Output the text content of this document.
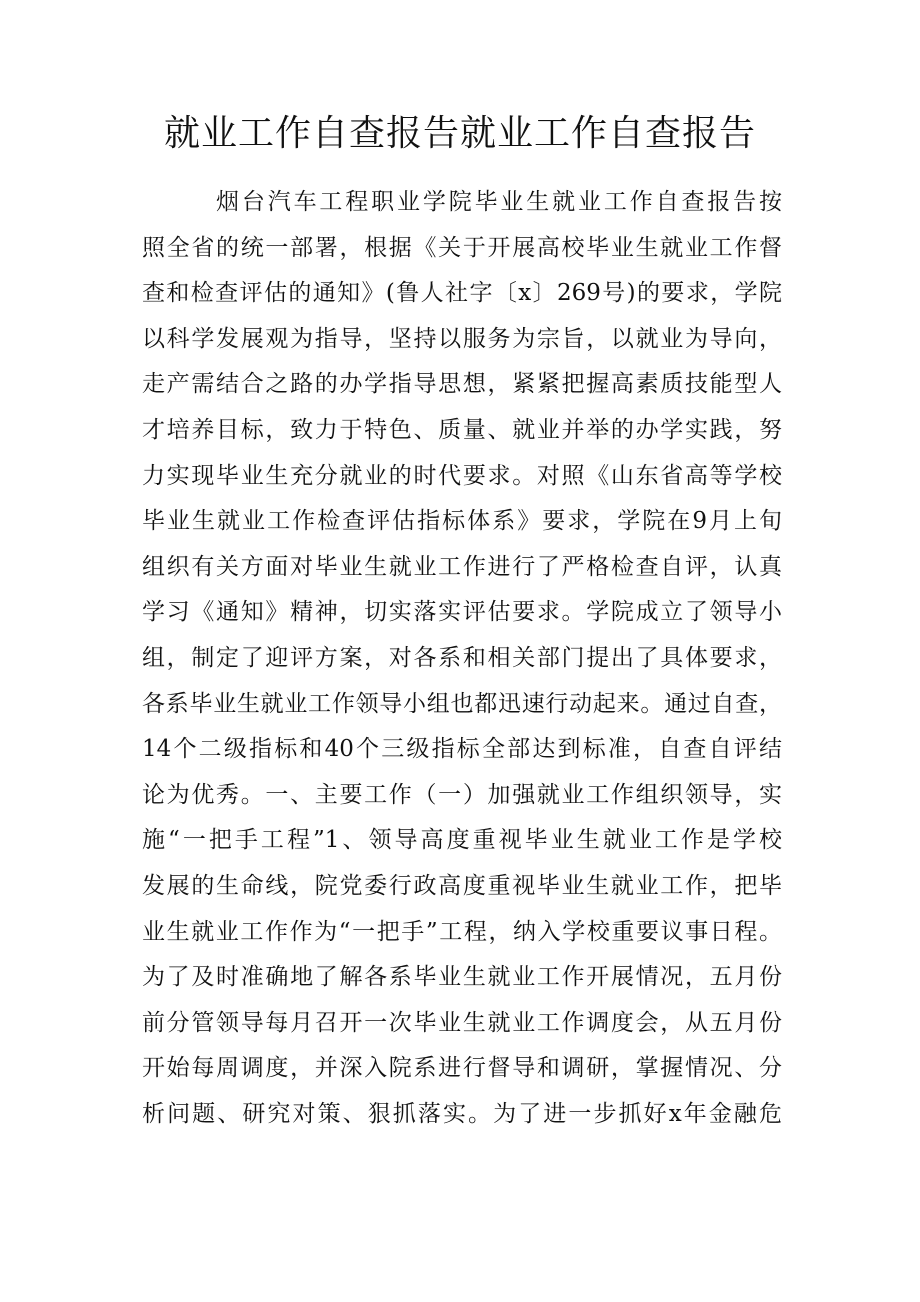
就业工作自查报告就业工作自查报告
烟台汽车工程职业学院毕业生就业工作自查报告按
照全省的统一部署，根据《关于开展高校毕业生就业工作督
查和检查评估的通知》(鲁人社字〔x〕269号)的要求，学院
以科学发展观为指导，坚持以服务为宗旨，以就业为导向，
走产需结合之路的办学指导思想，紧紧把握高素质技能型人
才培养目标，致力于特色、质量、就业并举的办学实践，努
力实现毕业生充分就业的时代要求。对照《山东省高等学校
毕业生就业工作检查评估指标体系》要求，学院在9月上旬
组织有关方面对毕业生就业工作进行了严格检查自评，认真
学习《通知》精神，切实落实评估要求。学院成立了领导小
组，制定了迎评方案，对各系和相关部门提出了具体要求，
各系毕业生就业工作领导小组也都迅速行动起来。通过自查，
14个二级指标和40个三级指标全部达到标准，自查自评结
论为优秀。一、主要工作（一）加强就业工作组织领导，实
施“一把手工程”1、领导高度重视毕业生就业工作是学校
发展的生命线，院党委行政高度重视毕业生就业工作，把毕
业生就业工作作为“一把手”工程，纳入学校重要议事日程。
为了及时准确地了解各系毕业生就业工作开展情况，五月份
前分管领导每月召开一次毕业生就业工作调度会，从五月份
开始每周调度，并深入院系进行督导和调研，掌握情况、分
析问题、研究对策、狠抓落实。为了进一步抓好x年金融危
